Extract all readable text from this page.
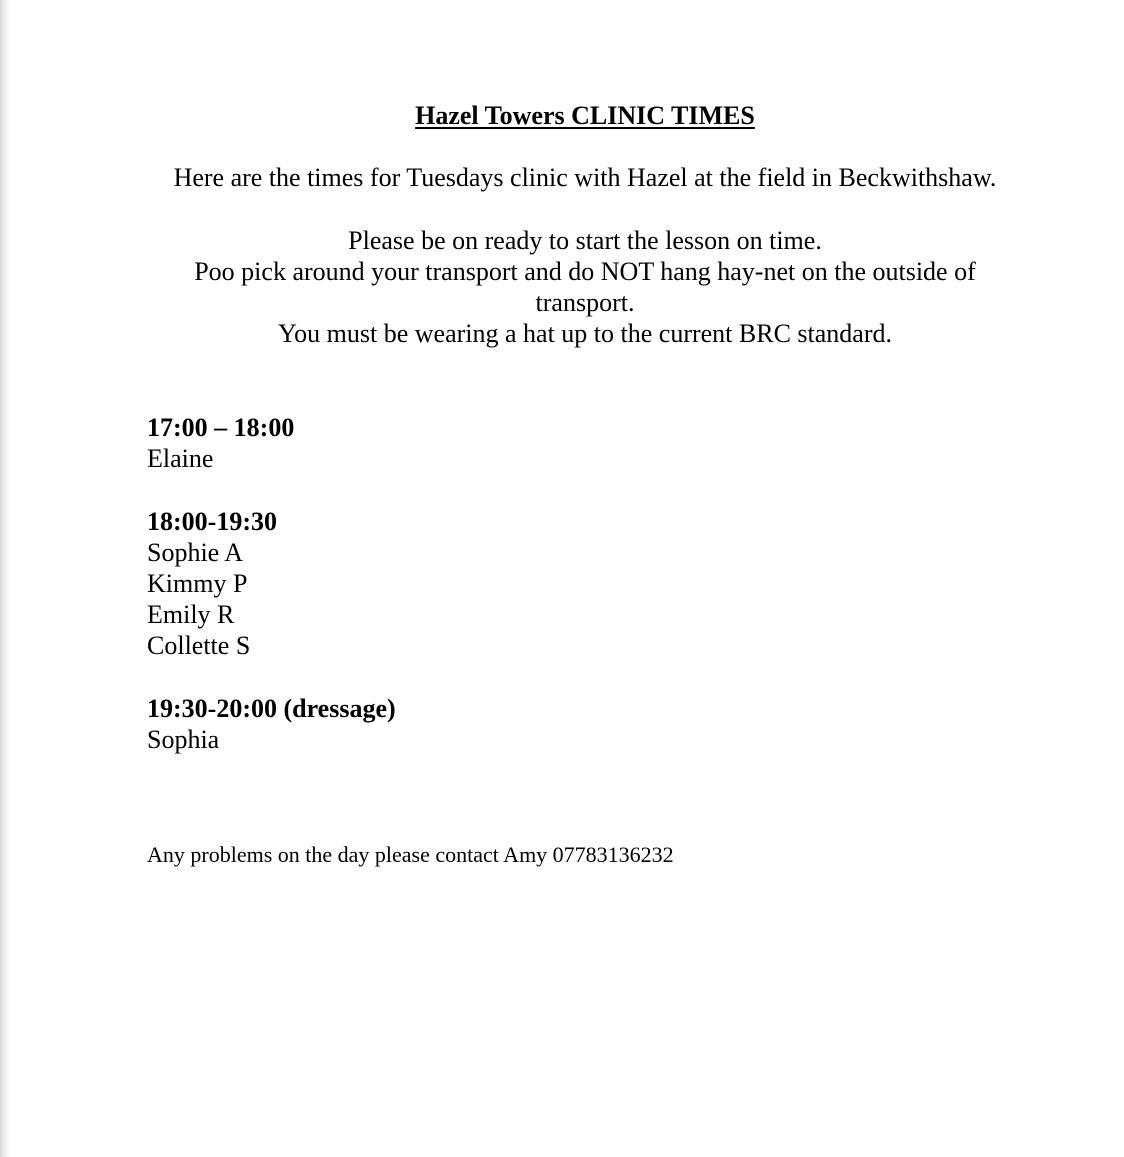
Hazel Towers CLINIC TIMES

Here are the times for Tuesdays clinic with Hazel at the field in Beckwithshaw.

Please be on ready to start the lesson on time.
Poo pick around your transport and do NOT hang hay-net on the outside of transport.
You must be wearing a hat up to the current BRC standard.
17:00 – 18:00
Elaine
18:00-19:30
Sophie A
Kimmy P
Emily R
Collette S
19:30-20:00 (dressage)
Sophia

Any problems on the day please contact Amy 07783136232
